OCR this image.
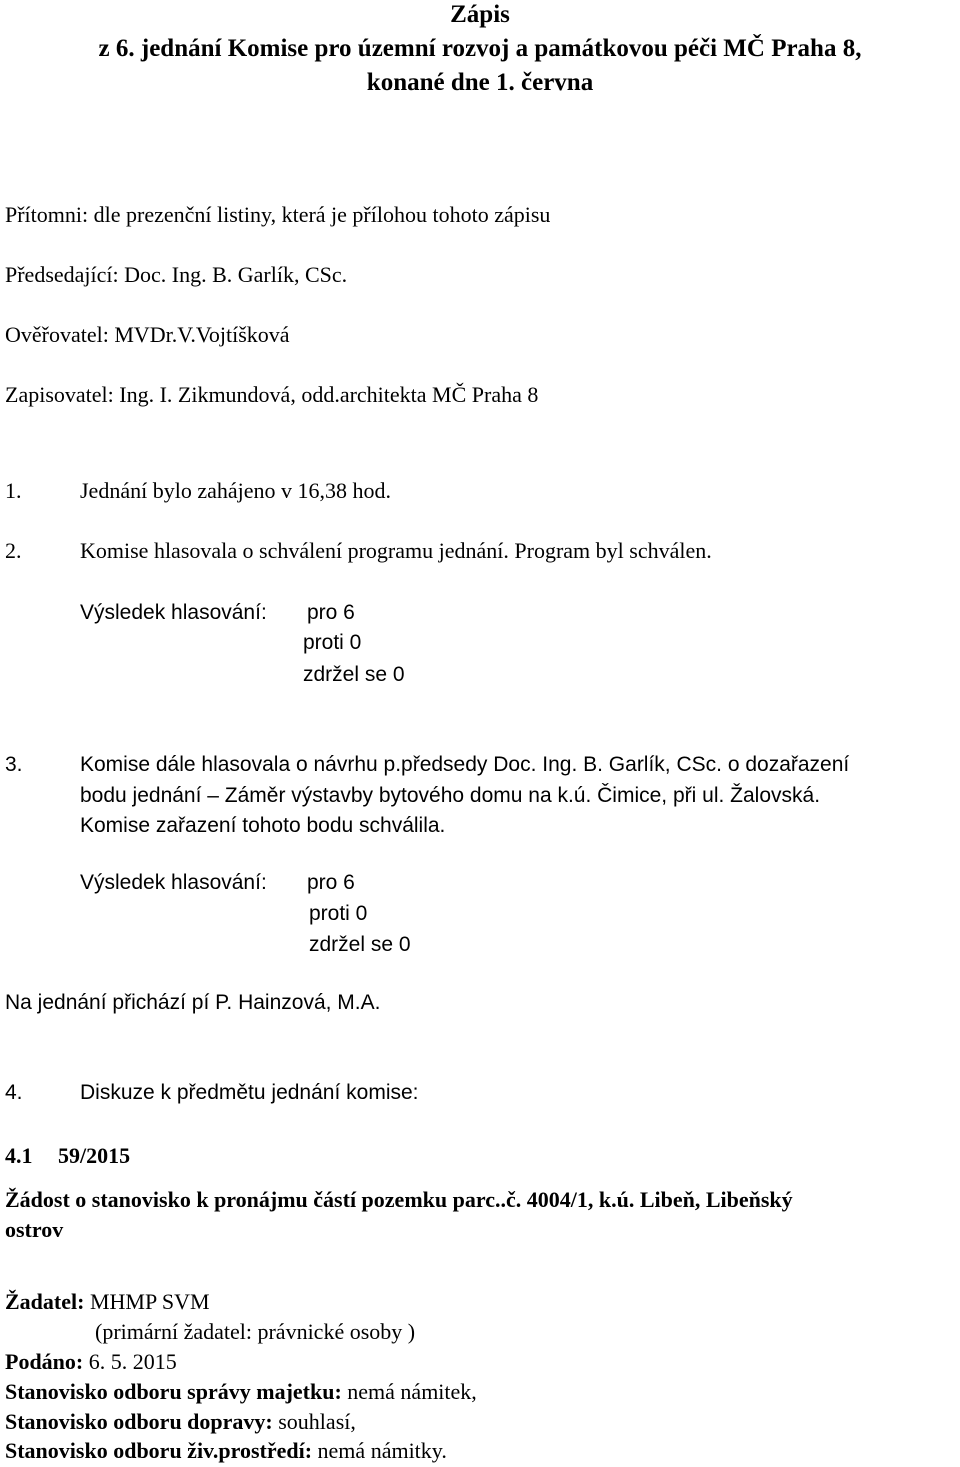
Zápis
z 6. jednání Komise pro územní rozvoj a památkovou péči MČ Praha 8,
konané dne 1. června
Přítomni: dle prezenční listiny, která je přílohou tohoto zápisu
Předsedající: Doc. Ing. B. Garlík, CSc.
Ověřovatel: MVDr.V.Vojtíšková
Zapisovatel: Ing. I. Zikmundová, odd.architekta MČ Praha 8
1.	Jednání bylo zahájeno v 16,38 hod.
2.	Komise hlasovala o schválení programu jednání. Program byl schválen.
Výsledek hlasování: pro 6
proti 0
zdržel se 0
3.	Komise dále hlasovala o návrhu p.předsedy Doc. Ing. B. Garlík, CSc. o dozařazení
bodu jednání – Záměr výstavby bytového domu na k.ú. Čimice, při ul. Žalovská.
Komise zařazení tohoto bodu schválila.
Výsledek hlasování: pro 6
proti 0
zdržel se 0
Na jednání přichází pí P. Hainzová, M.A.
4.	Diskuze k předmětu jednání komise:
4.1 59/2015
Žádost o stanovisko k pronájmu částí pozemku parc..č. 4004/1, k.ú. Libeň, Libeňský
ostrov
Žadatel: MHMP SVM
(primární žadatel: právnické osoby )
Podáno: 6. 5. 2015
Stanovisko odboru správy majetku: nemá námitek,
Stanovisko odboru dopravy: souhlasí,
Stanovisko odboru živ.prostředí: nemá námitky.
